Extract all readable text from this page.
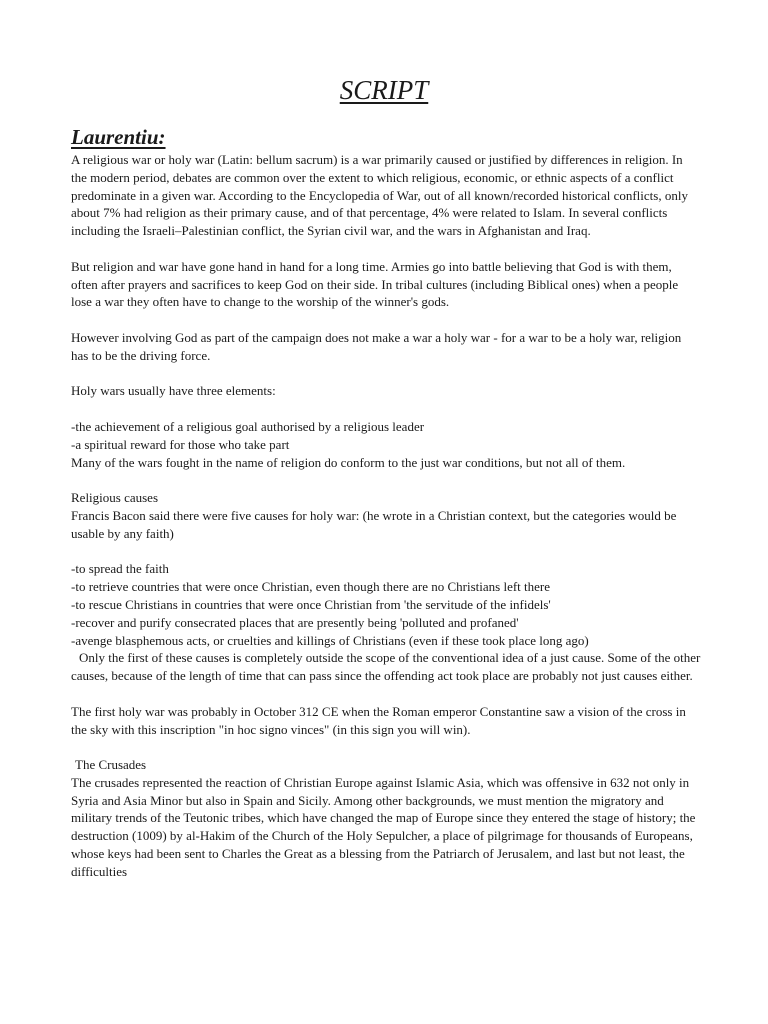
SCRIPT
Laurentiu:

A religious war or holy war (Latin: bellum sacrum) is a war primarily caused or justified by differences in religion. In the modern period, debates are common over the extent to which religious, economic, or ethnic aspects of a conflict predominate in a given war. According to the Encyclopedia of War, out of all known/recorded historical conflicts, only about 7% had religion as their primary cause, and of that percentage, 4% were related to Islam. In several conflicts including the Israeli–Palestinian conflict, the Syrian civil war, and the wars in Afghanistan and Iraq.

But religion and war have gone hand in hand for a long time. Armies go into battle believing that God is with them, often after prayers and sacrifices to keep God on their side. In tribal cultures (including Biblical ones) when a people lose a war they often have to change to the worship of the winner's gods.

However involving God as part of the campaign does not make a war a holy war - for a war to be a holy war, religion has to be the driving force.

Holy wars usually have three elements:

-the achievement of a religious goal authorised by a religious leader
-a spiritual reward for those who take part
Many of the wars fought in the name of religion do conform to the just war conditions, but not all of them.

Religious causes
Francis Bacon said there were five causes for holy war: (he wrote in a Christian context, but the categories would be usable by any faith)

-to spread the faith
-to retrieve countries that were once Christian, even though there are no Christians left there
-to rescue Christians in countries that were once Christian from 'the servitude of the infidels'
-recover and purify consecrated places that are presently being 'polluted and profaned'
-avenge blasphemous acts, or cruelties and killings of Christians (even if these took place long ago)

Only the first of these causes is completely outside the scope of the conventional idea of a just cause. Some of the other causes, because of the length of time that can pass since the offending act took place are probably not just causes either.

The first holy war was probably in October 312 CE when the Roman emperor Constantine saw a vision of the cross in the sky with this inscription "in hoc signo vinces" (in this sign you will win).

The Crusades
The crusades represented the reaction of Christian Europe against Islamic Asia, which was offensive in 632 not only in Syria and Asia Minor but also in Spain and Sicily. Among other backgrounds, we must mention the migratory and military trends of the Teutonic tribes, which have changed the map of Europe since they entered the stage of history; the destruction (1009) by al-Hakim of the Church of the Holy Sepulcher, a place of pilgrimage for thousands of Europeans, whose keys had been sent to Charles the Great as a blessing from the Patriarch of Jerusalem, and last but not least, the difficulties
